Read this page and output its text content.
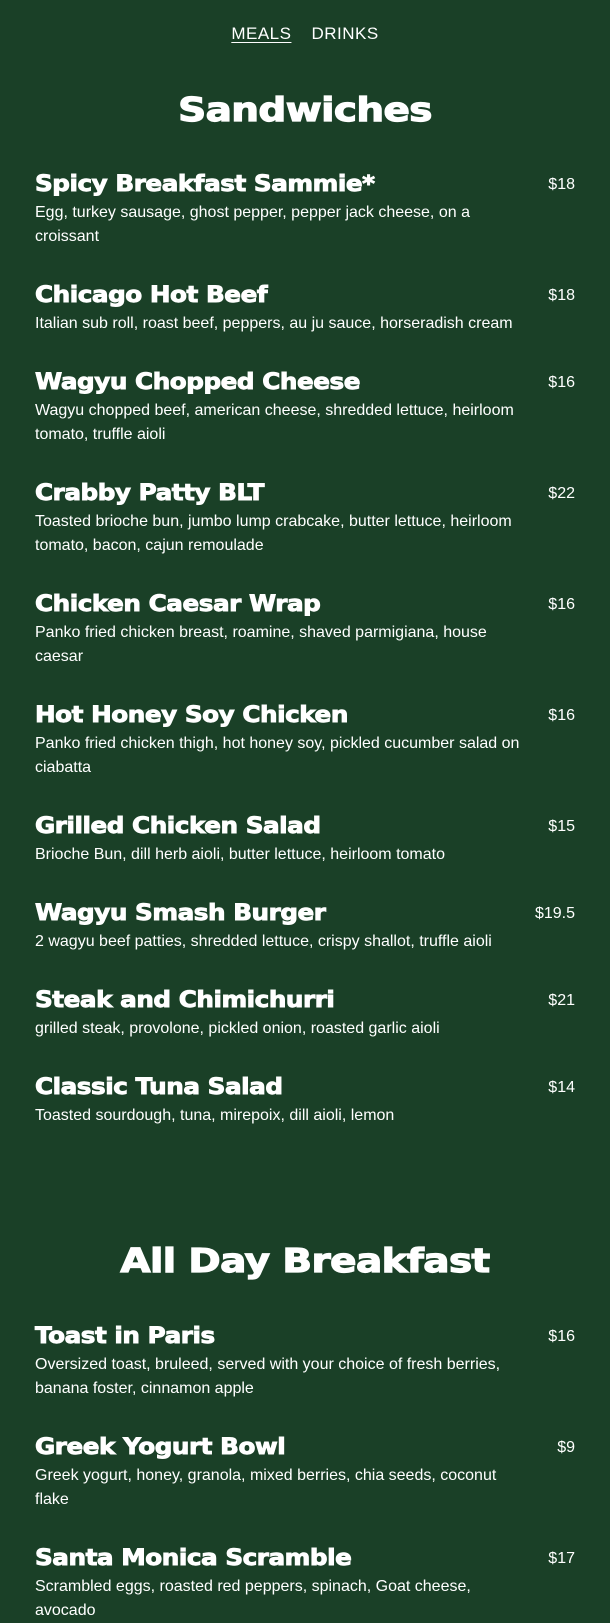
MEALS DRINKS
Sandwiches
Spicy Breakfast Sammie*	$18
Egg, turkey sausage, ghost pepper, pepper jack cheese, on a croissant
Chicago Hot Beef	$18
Italian sub roll, roast beef, peppers, au ju sauce, horseradish cream
Wagyu Chopped Cheese	$16
Wagyu chopped beef, american cheese, shredded lettuce, heirloom tomato, truffle aioli
Crabby Patty BLT	$22
Toasted brioche bun, jumbo lump crabcake, butter lettuce, heirloom tomato, bacon, cajun remoulade
Chicken Caesar Wrap	$16
Panko fried chicken breast, roamine, shaved parmigiana, house caesar
Hot Honey Soy Chicken	$16
Panko fried chicken thigh, hot honey soy, pickled cucumber salad on ciabatta
Grilled Chicken Salad	$15
Brioche Bun, dill herb aioli, butter lettuce, heirloom tomato
Wagyu Smash Burger	$19.5
2 wagyu beef patties, shredded lettuce, crispy shallot, truffle aioli
Steak and Chimichurri	$21
grilled steak, provolone, pickled onion, roasted garlic aioli
Classic Tuna Salad	$14
Toasted sourdough, tuna, mirepoix, dill aioli, lemon
All Day Breakfast
Toast in Paris	$16
Oversized toast, bruleed, served with your choice of fresh berries, banana foster, cinnamon apple
Greek Yogurt Bowl	$9
Greek yogurt, honey, granola, mixed berries, chia seeds, coconut flake
Santa Monica Scramble	$17
Scrambled eggs, roasted red peppers, spinach, Goat cheese, avocado
